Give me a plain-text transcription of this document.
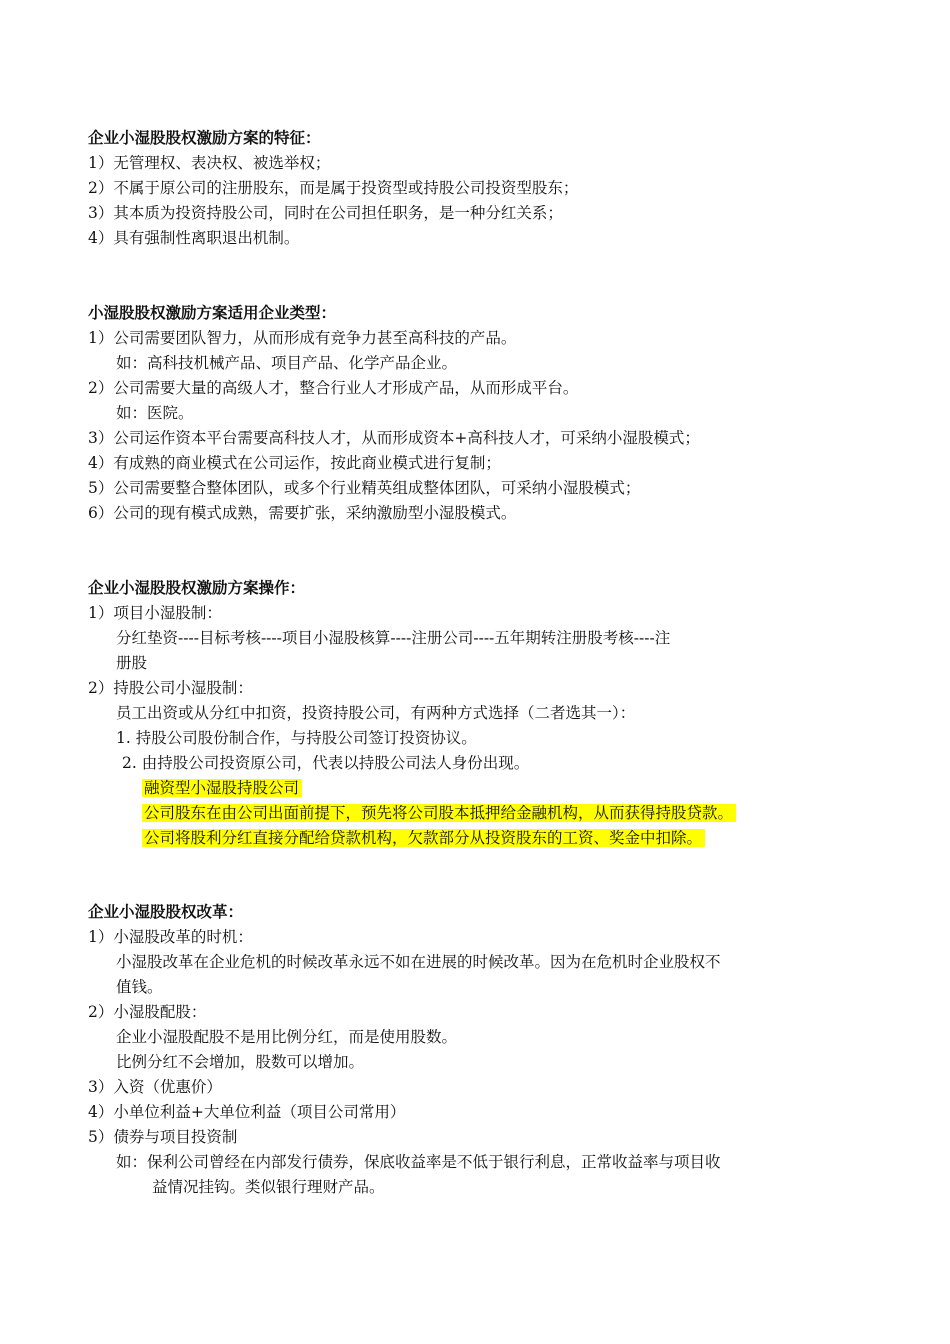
企业小湿股股权激励方案的特征：
1）无管理权、表决权、被选举权；
2）不属于原公司的注册股东，而是属于投资型或持股公司投资型股东；
3）其本质为投资持股公司，同时在公司担任职务，是一种分红关系；
4）具有强制性离职退出机制。
小湿股股权激励方案适用企业类型：
1）公司需要团队智力，从而形成有竞争力甚至高科技的产品。
如：高科技机械产品、项目产品、化学产品企业。
2）公司需要大量的高级人才，整合行业人才形成产品，从而形成平台。
如：医院。
3）公司运作资本平台需要高科技人才，从而形成资本+高科技人才，可采纳小湿股模式；
4）有成熟的商业模式在公司运作，按此商业模式进行复制；
5）公司需要整合整体团队，或多个行业精英组成整体团队，可采纳小湿股模式；
6）公司的现有模式成熟，需要扩张，采纳激励型小湿股模式。
企业小湿股股权激励方案操作：
1）项目小湿股制：
分红垫资----目标考核----项目小湿股核算----注册公司----五年期转注册股考核----注
册股
2）持股公司小湿股制：
员工出资或从分红中扣资，投资持股公司，有两种方式选择（二者选其一）：
1. 持股公司股份制合作，与持股公司签订投资协议。
2. 由持股公司投资原公司，代表以持股公司法人身份出现。
融资型小湿股持股公司
公司股东在由公司出面前提下，预先将公司股本抵押给金融机构，从而获得持股贷款。
公司将股利分红直接分配给贷款机构，欠款部分从投资股东的工资、奖金中扣除。
企业小湿股股权改革：
1）小湿股改革的时机：
小湿股改革在企业危机的时候改革永远不如在进展的时候改革。因为在危机时企业股权不
值钱。
2）小湿股配股：
企业小湿股配股不是用比例分红，而是使用股数。
比例分红不会增加，股数可以增加。
3）入资（优惠价）
4）小单位利益+大单位利益（项目公司常用）
5）债券与项目投资制
如：保利公司曾经在内部发行债券，保底收益率是不低于银行利息，正常收益率与项目收
益情况挂钩。类似银行理财产品。
